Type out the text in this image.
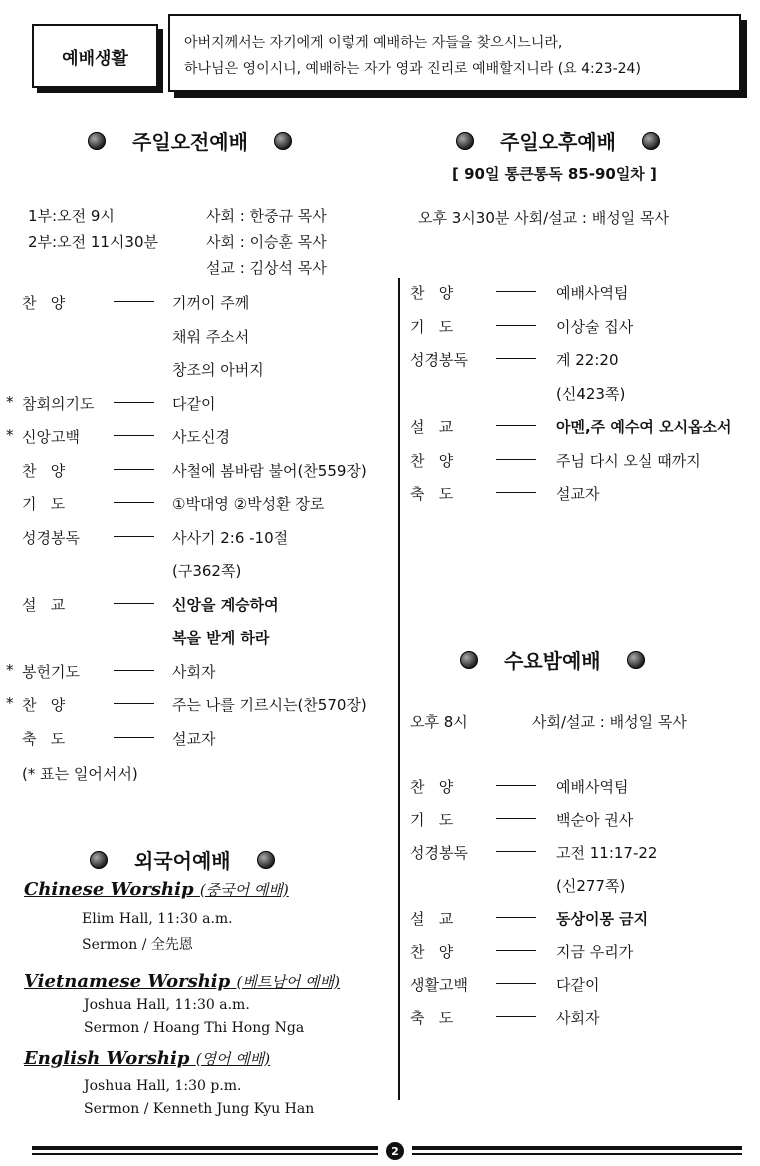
예배생활
아버지께서는 자기에게 이렇게 예배하는 자들을 찾으시느니라,
하나님은 영이시니, 예배하는 자가 영과 진리로 예배할지니라 (요 4:23-24)
주일오전예배
1부:오전 9시	사회 : 한중규 목사
2부:오전 11시30분	사회 : 이승훈 목사
설교 : 김상석 목사
찬   양	기꺼이 주께
채워 주소서
창조의 아버지
* 참회의기도	다같이
* 신앙고백	사도신경
찬   양	사철에 봄바람 불어(찬559장)
기   도	①박대영 ②박성환 장로
성경봉독	사사기 2:6 -10절
(구362쪽)
설   교	신앙을 계승하여
복을 받게 하라
* 봉헌기도	사회자
* 찬   양	주는 나를 기르시는(찬570장)
축   도	설교자
(* 표는 일어서서)
주일오후예배
[ 90일 통큰통독 85-90일차 ]
오후 3시30분 사회/설교 : 배성일 목사
찬   양	예배사역팀
기   도	이상술 집사
성경봉독	계 22:20
(신423쪽)
설   교	아멘,주 예수여 오시옵소서
찬   양	주님 다시 오실 때까지
축   도	설교자
수요밤예배
오후 8시	사회/설교 : 배성일 목사
찬   양	예배사역팀
기   도	백순아 권사
성경봉독	고전 11:17-22
(신277쪽)
설   교	동상이몽 금지
찬   양	지금 우리가
생활고백	다같이
축   도	사회자
외국어예배
Chinese Worship (중국어 예배)
Elim Hall, 11:30 a.m.
Sermon / 全先恩
Vietnamese Worship (베트남어 예배)
Joshua Hall, 11:30 a.m.
Sermon / Hoang Thi Hong Nga
English Worship (영어 예배)
Joshua Hall, 1:30 p.m.
Sermon / Kenneth Jung Kyu Han
2
